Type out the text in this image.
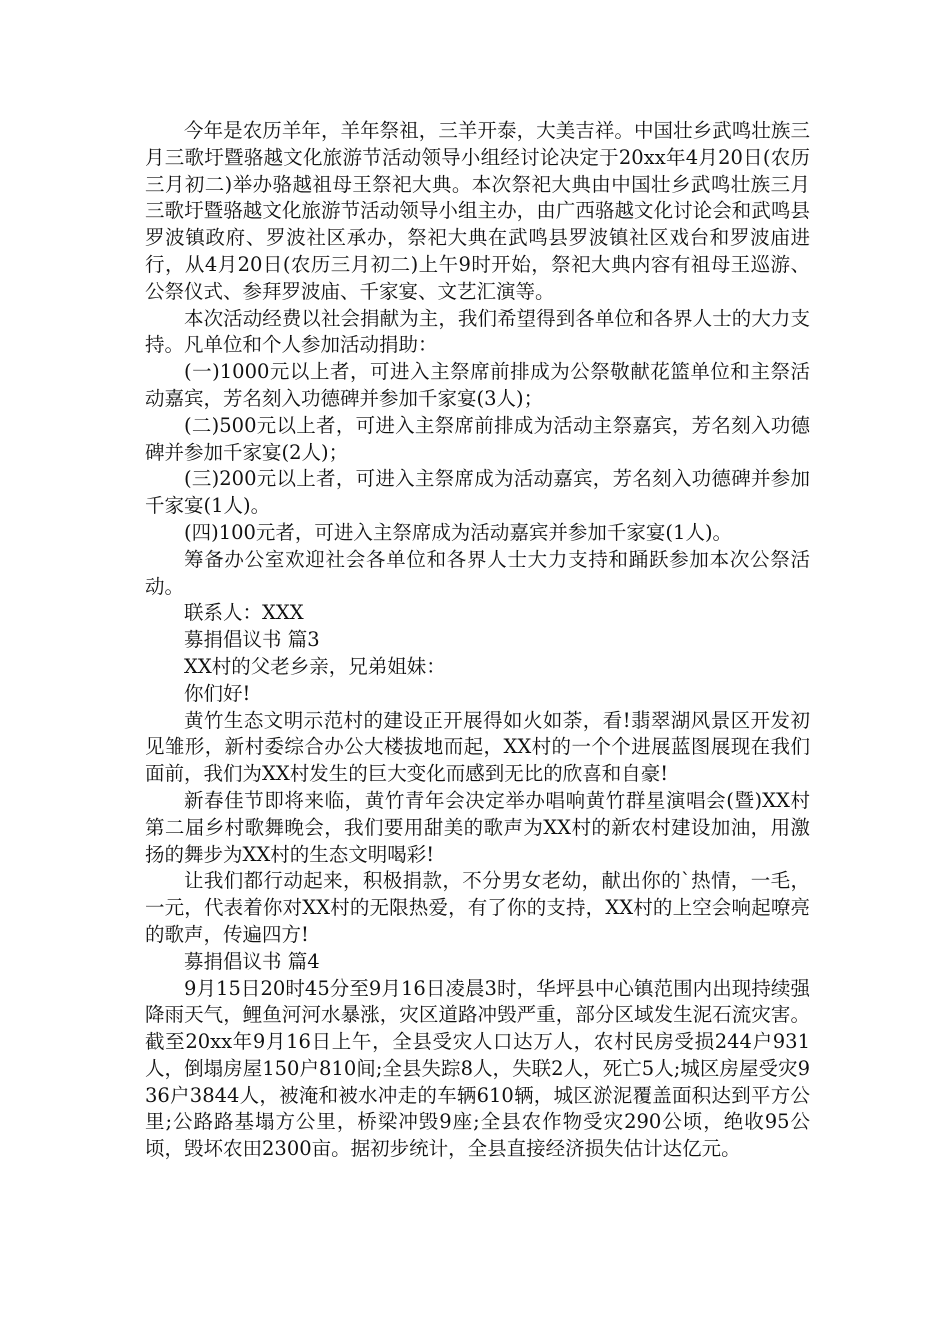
今年是农历羊年，羊年祭祖，三羊开泰，大美吉祥。中国壮乡武鸣壮族三月三歌圩暨骆越文化旅游节活动领导小组经讨论决定于20xx年4月20日(农历三月初二)举办骆越祖母王祭祀大典。本次祭祀大典由中国壮乡武鸣壮族三月三歌圩暨骆越文化旅游节活动领导小组主办，由广西骆越文化讨论会和武鸣县罗波镇政府、罗波社区承办，祭祀大典在武鸣县罗波镇社区戏台和罗波庙进行，从4月20日(农历三月初二)上午9时开始，祭祀大典内容有祖母王巡游、公祭仪式、参拜罗波庙、千家宴、文艺汇演等。

本次活动经费以社会捐献为主，我们希望得到各单位和各界人士的大力支持。凡单位和个人参加活动捐助：

(一)1000元以上者，可进入主祭席前排成为公祭敬献花篮单位和主祭活动嘉宾，芳名刻入功德碑并参加千家宴(3人)；

(二)500元以上者，可进入主祭席前排成为活动主祭嘉宾，芳名刻入功德碑并参加千家宴(2人)；

(三)200元以上者，可进入主祭席成为活动嘉宾，芳名刻入功德碑并参加千家宴(1人)。

(四)100元者，可进入主祭席成为活动嘉宾并参加千家宴(1人)。

筹备办公室欢迎社会各单位和各界人士大力支持和踊跃参加本次公祭活动。

联系人：XXX

募捐倡议书 篇3

XX村的父老乡亲，兄弟姐妹：

你们好!

黄竹生态文明示范村的建设正开展得如火如荼，看!翡翠湖风景区开发初见雏形，新村委综合办公大楼拔地而起，XX村的一个个进展蓝图展现在我们面前，我们为XX村发生的巨大变化而感到无比的欣喜和自豪!

新春佳节即将来临，黄竹青年会决定举办唱响黄竹群星演唱会(暨)XX村第二届乡村歌舞晚会，我们要用甜美的歌声为XX村的新农村建设加油，用激扬的舞步为XX村的生态文明喝彩!

让我们都行动起来，积极捐款，不分男女老幼，献出你的`热情，一毛，一元，代表着你对XX村的无限热爱，有了你的支持，XX村的上空会响起嘹亮的歌声，传遍四方!

募捐倡议书 篇4

9月15日20时45分至9月16日凌晨3时，华坪县中心镇范围内出现持续强降雨天气，鲤鱼河河水暴涨，灾区道路冲毁严重，部分区域发生泥石流灾害。截至20xx年9月16日上午，全县受灾人口达万人，农村民房受损244户931 人，倒塌房屋150户810间;全县失踪8人，失联2人，死亡5人;城区房屋受灾936户3844人，被淹和被水冲走的车辆610辆，城区淤泥覆盖面积达到平方公里;公路路基塌方公里，桥梁冲毁9座;全县农作物受灾290公顷，绝收95公顷，毁坏农田2300亩。据初步统计，全县直接经济损失估计达亿元。
